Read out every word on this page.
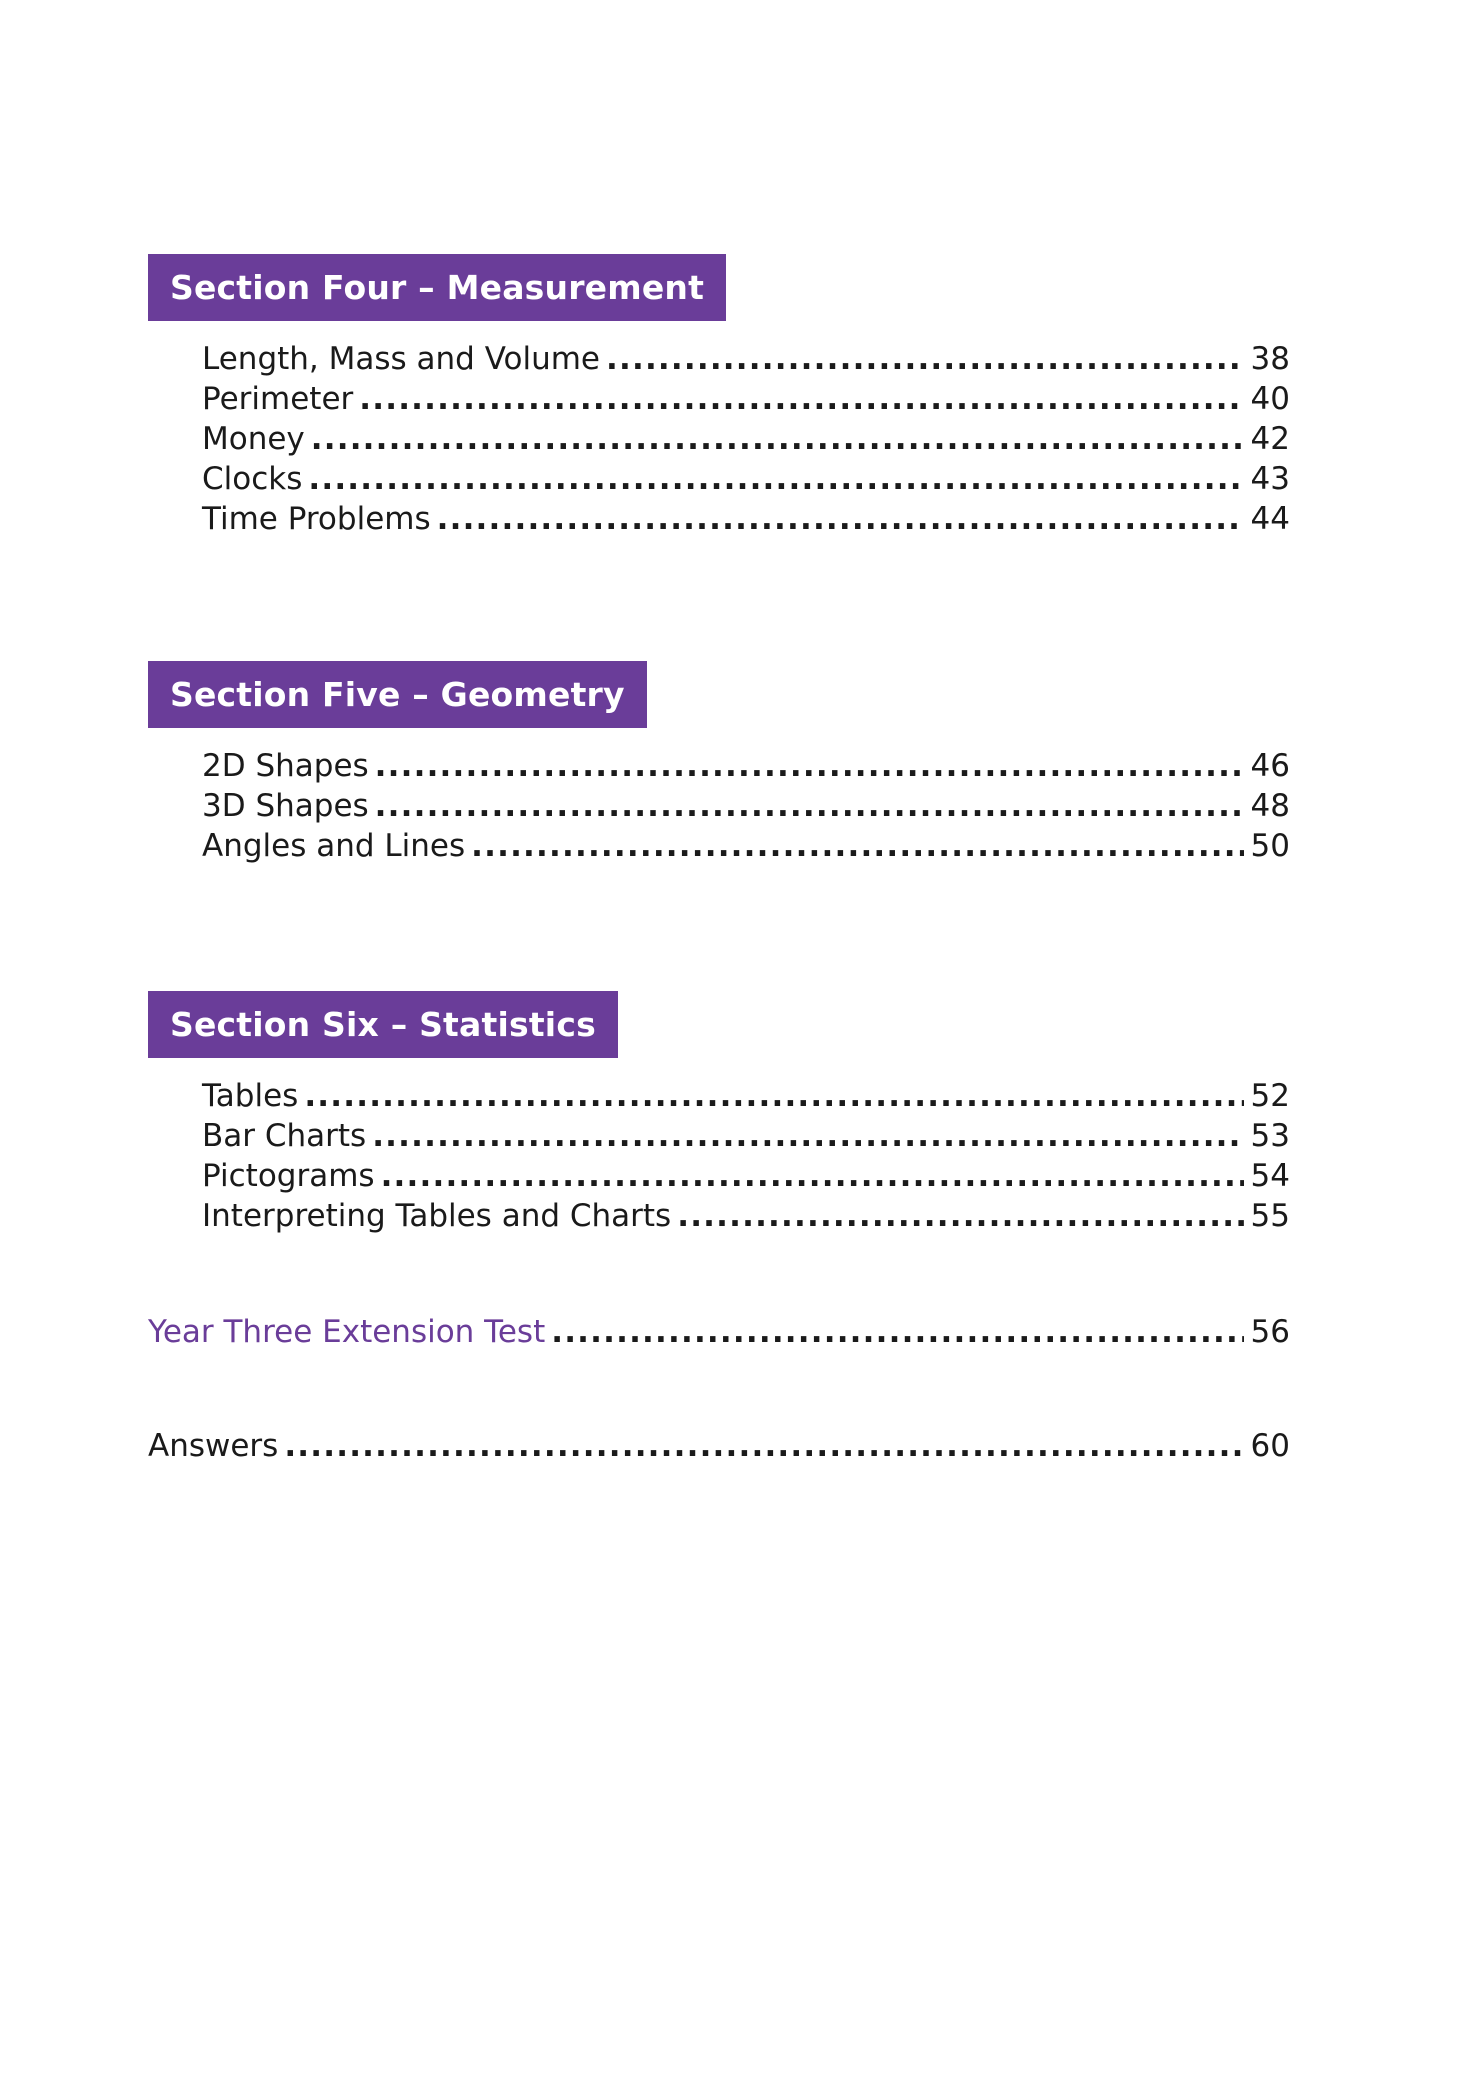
Section Four – Measurement
Length, Mass and Volume .....	38
Perimeter .....	40
Money .....	42
Clocks .....	43
Time Problems .....	44
Section Five – Geometry
2D Shapes .....	46
3D Shapes .....	48
Angles and Lines .....	50
Section Six – Statistics
Tables .....	52
Bar Charts .....	53
Pictograms .....	54
Interpreting Tables and Charts .....	55
Year Three Extension Test .....	56
Answers .....	60
